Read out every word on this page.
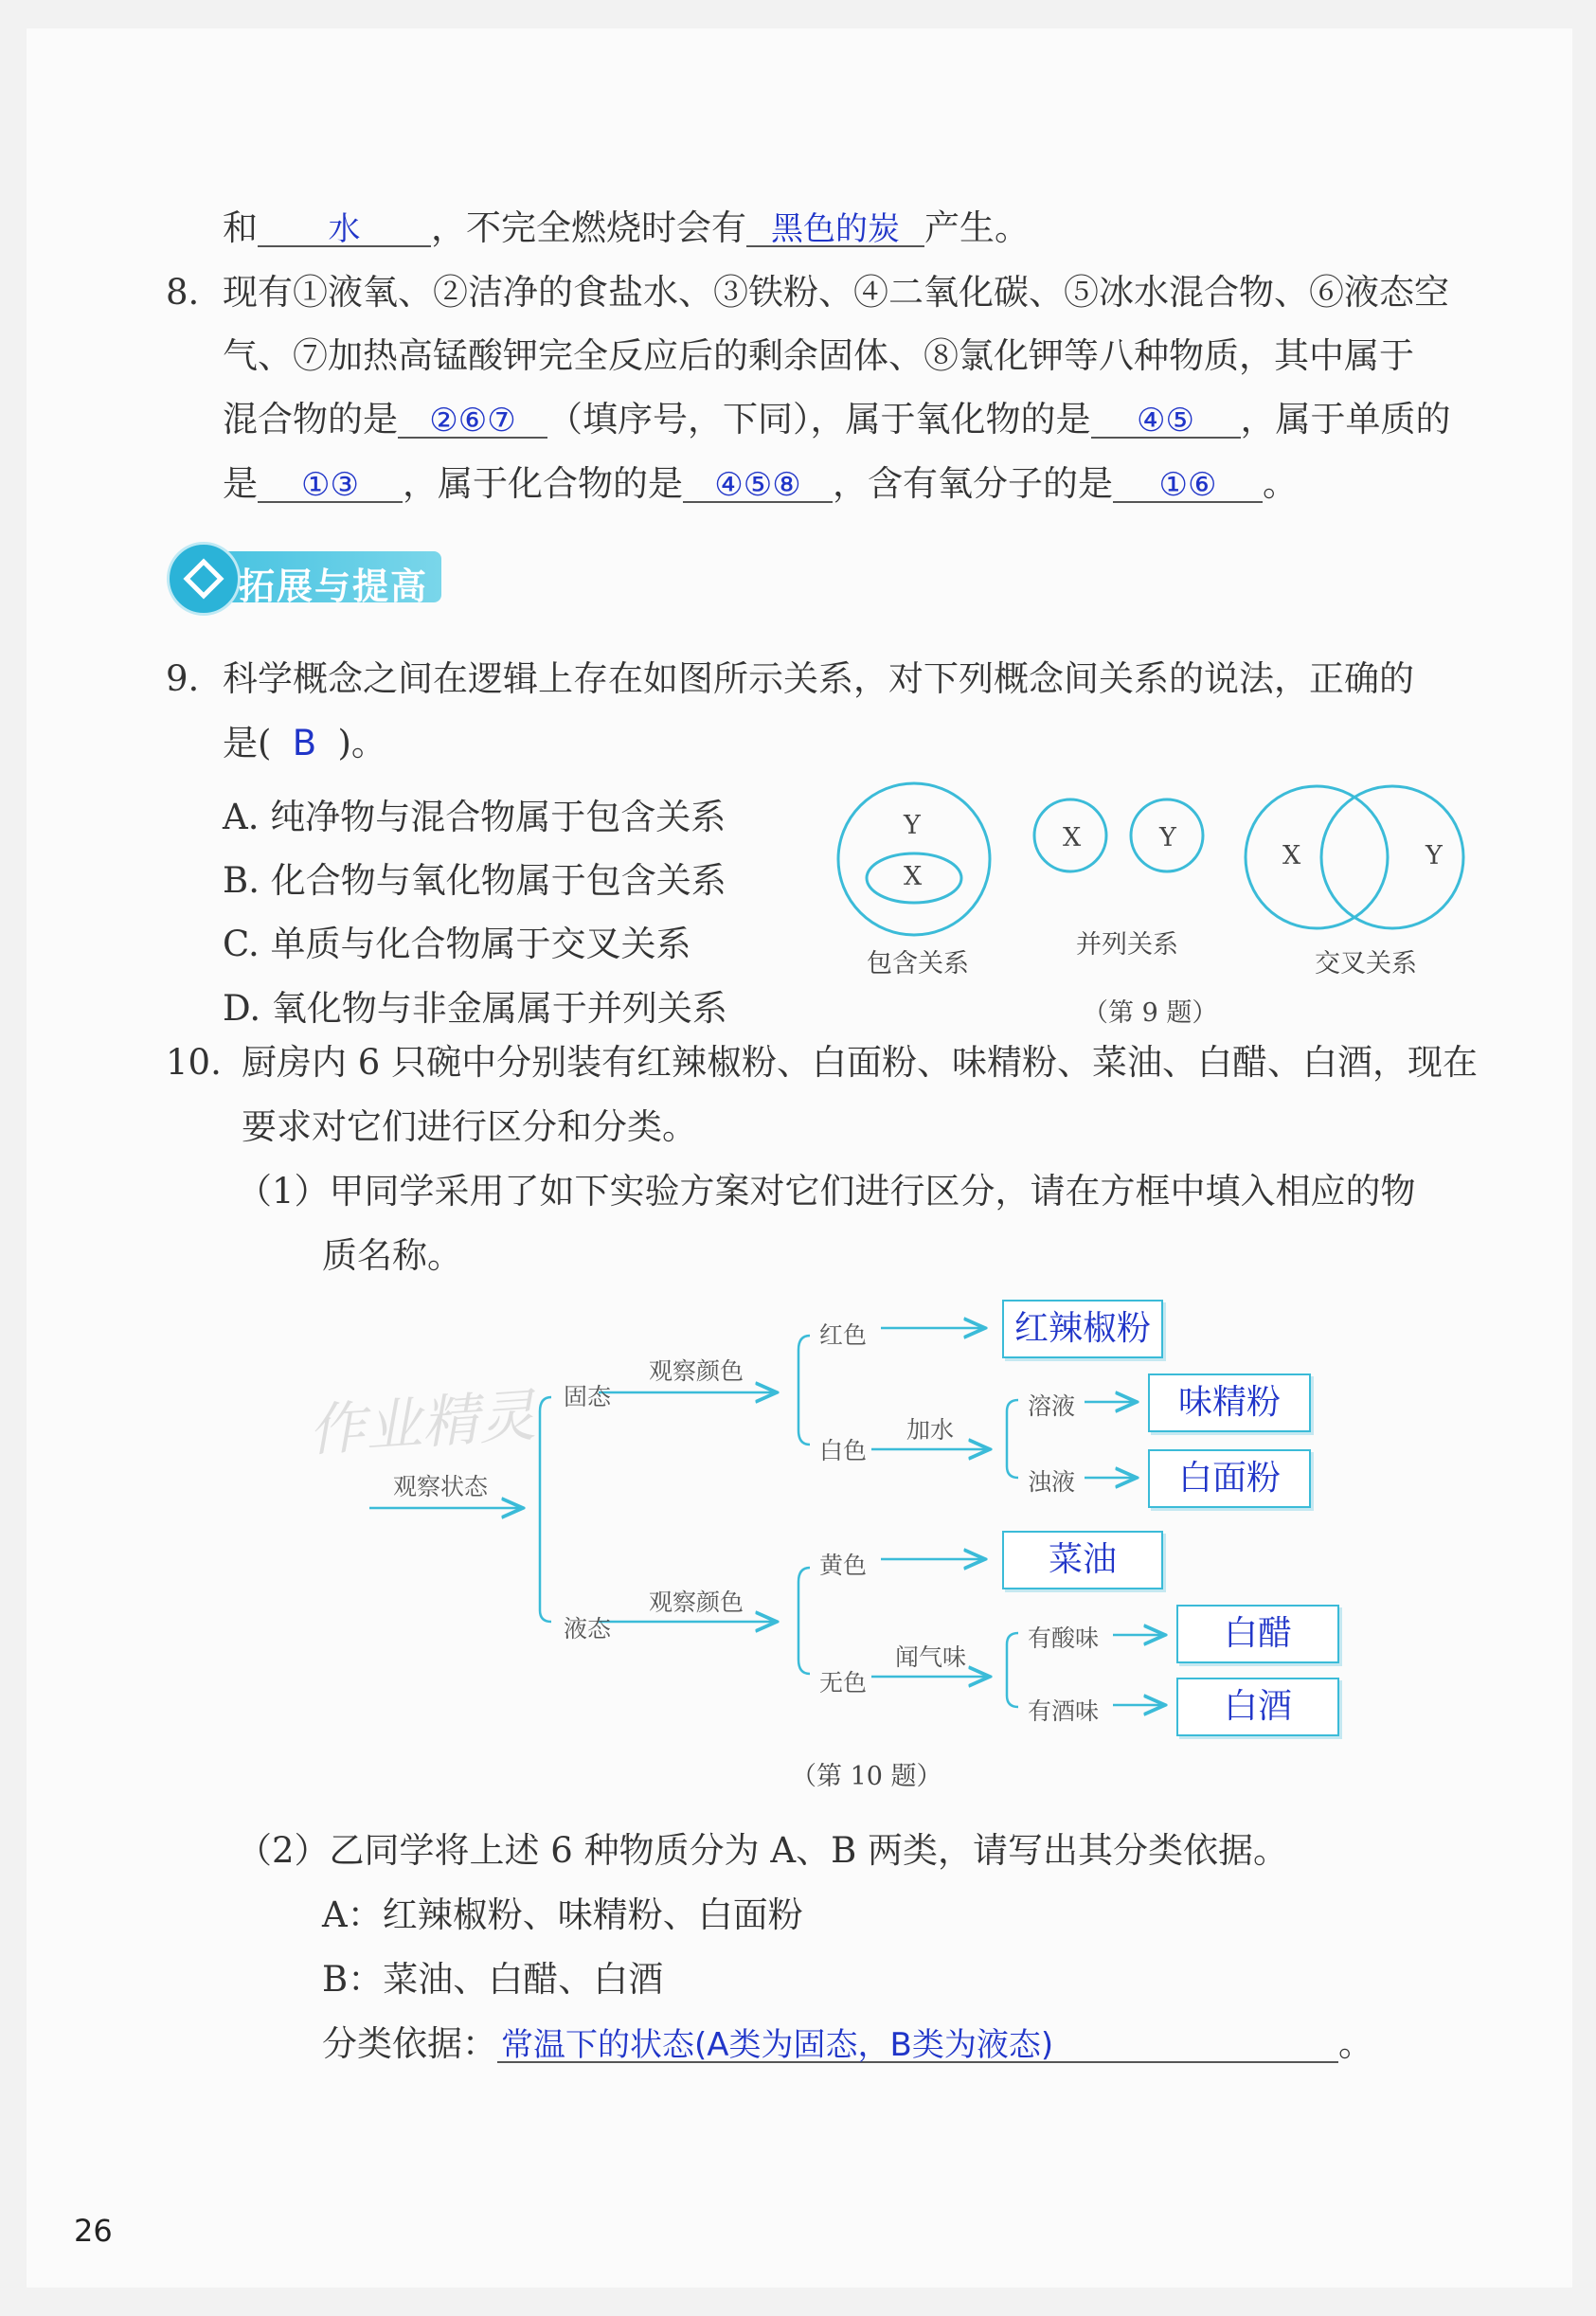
和 水 ，不完全燃烧时会有 黑色的炭 产生。
8. 现有①液氧、②洁净的食盐水、③铁粉、④二氧化碳、⑤冰水混合物、⑥液态空
气、⑦加热高锰酸钾完全反应后的剩余固体、⑧氯化钾等八种物质，其中属于
混合物的是 ②⑥⑦ （填序号，下同），属于氧化物的是 ④⑤ ，属于单质的
是 ①③ ，属于化合物的是 ④⑤⑧ ，含有氧分子的是 ①⑥ 。
拓展与提高
9. 科学概念之间在逻辑上存在如图所示关系，对下列概念间关系的说法，正确的
是( B )。
A. 纯净物与混合物属于包含关系
B. 化合物与氧化物属于包含关系
C. 单质与化合物属于交叉关系
D. 氧化物与非金属属于并列关系
Y
X
包含关系
X	Y
并列关系
X	Y
交叉关系
（第 9 题）
10. 厨房内 6 只碗中分别装有红辣椒粉、白面粉、味精粉、菜油、白醋、白酒，现在
要求对它们进行区分和分类。
（1）甲同学采用了如下实验方案对它们进行区分，请在方框中填入相应的物
质名称。
作业精灵
观察状态
固态
液态
观察颜色
观察颜色
红色
白色
加水
溶液
浊液
黄色
无色
闻气味
有酸味
有酒味
红辣椒粉
味精粉
白面粉
菜油
白醋
白酒
（第 10 题）
（2）乙同学将上述 6 种物质分为 A、B 两类，请写出其分类依据。
A：红辣椒粉、味精粉、白面粉
B：菜油、白醋、白酒
分类依据： 常温下的状态(A类为固态，B类为液态)	。
26
